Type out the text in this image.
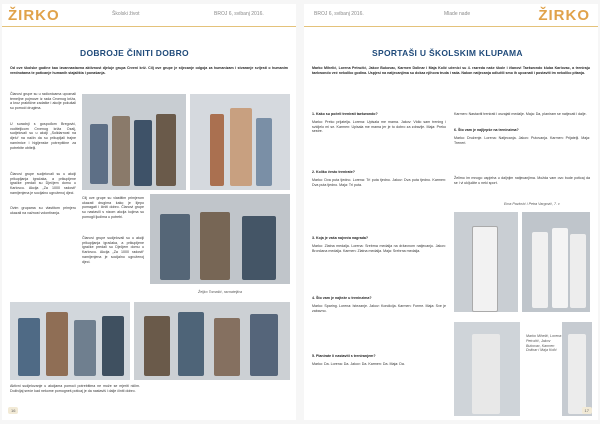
ŽIRKO	Školski život	BROJ 6, svibanj 2016.
DOBROJE ČINITI DOBRO
Od ove školske godine kao izvannastavna aktivnost djeluje grupa Crveni križ. Cilj ove grupe je stjecanje odgoja za humanizam i stvaranje svijesti o humanim vrednotama te poticanje humanih stajališta i ponašanja.
Članovi grupe su u radionicama upoznali temeljne pojmove iz rada Crvenog križa, a kroz praktične zadatke i akcije pokušali su pomoći drugima.
U suradnji s gospođom Bregović, voditeljicom Crvenog križa Ozalj, sudjelovali su u akciji „Solidarnost na djelu“ na način da su prikupljali trajne namirnice i higijenske potrepštine za potrebite obitelji.
Članovi grupe sudjelovali su u akciji prikupljanja igračaka, a prikupljene igračke predali su Dječjem domu u Karlovcu. Akcija „Za 1000 radosti“ namijenjena je socijalno ugroženoj djeci.
Ovim grupama su vlastitom primjeru ukazali na važnost volontiranja.
Cilj ove grupe su vlastitim primjerom ukazati drugima kako je lijepo pomagati i činiti dobro. Članovi grupe su nastavili s nizom akcija kojima su pomogli ljudima u potrebi.
Članovi grupe sudjelovali su u akciji prikupljanja igračaka, a prikupljene igračke predali su Dječjem domu u Karlovcu. Akcija „Za 1000 radosti“ namijenjena je socijalno ugroženoj djeci.
Željko Tomašić, ravnateljica
Aktivni sudjelovanje u akcijama pomoći potrebitima ne može se mjeriti ničim. Doživljaj sreće kad nekome pomogneš poticaj je da nastaviš i dalje činiti dobro.
16
BROJ 6, svibanj 2016.	Mlade nade	ŽIRKO
SPORTAŠI U ŠKOLSKIM KLUPAMA
Marko Mihelić, Lorena Petručić, Jakov Bukovac, Karmen Dolinar i Maja Kolić učenici su 4. razreda naše škole i članovi Taekwondo kluba Karlovac, a treniraju taekwondo već nekoliko godina. Uspjesi na natjecanjima su dokaz njihova truda i rada. Nakon natjecanja odlučili smo ih upoznati i postaviti im nekoliko pitanja.
1. Kako su počeli trenirati taekwondo?
Marko: Preko prijatelja. Lorena: Upisala me mama. Jakov: Vidio sam trening i svidjelo mi se. Karmen: Upisala me mama jer je to dobro za zdravlje. Maja: Preko sestre.
2. Koliko često trenirate?
Marko: Dva puta tjedno. Lorena: Tri puta tjedno. Jakov: Dva puta tjedno. Karmen: Dva puta tjedno. Maja: Tri puta.
3. Koja je vaša najveća nagrada?
Marko: Zlatna medalja. Lorena: Srebrna medalja na državnom natjecanju. Jakov: Brončana medalja. Karmen: Zlatna medalja. Maja: Srebrna medalja.
4. Što vam je najteže u treninzima?
Marko: Sparing. Lorena: Istezanje. Jakov: Kondicija. Karmen: Forme. Maja: Sve je zabavno.
5. Planirate li nastaviti s treniranjem?
Marko: Da. Lorena: Da. Jakov: Da. Karmen: Da. Maja: Da.
Karmen: Nastaviti trenirati i osvajati medalje. Maja: Da, planiram se natjecati i dalje.
6. Što vam je najljepše na treninzima?
Marko: Druženje. Lorena: Natjecanja. Jakov: Putovanja. Karmen: Prijatelji. Maja: Treneri.
Želimo im mnogo uspjeha u daljnjim natjecanjima. Možda vam ovo bude poticaj da se i vi uključite u neki sport.
Ema Pavlović i Petra Vargović, 7. c
Marko Mihelić, Lorena Petručić, Jakov Bukovac, Karmen Dolinar i Maja Kolić
17
